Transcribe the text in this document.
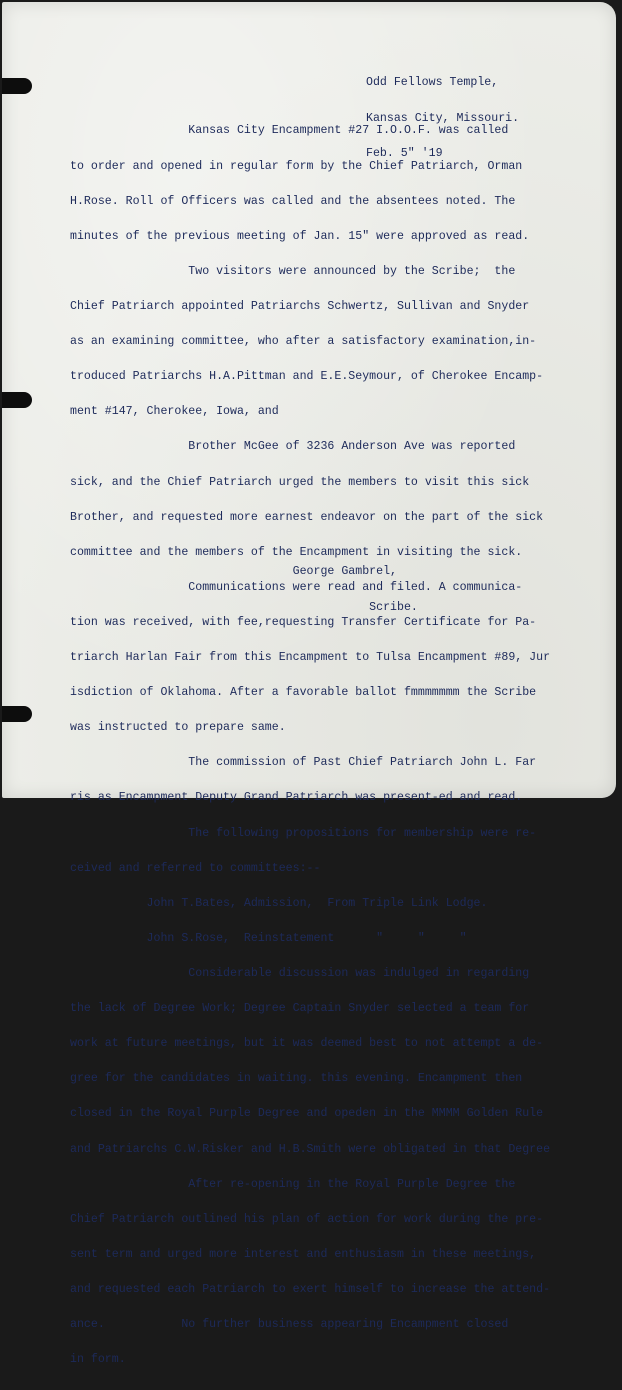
Odd Fellows Temple,

Kansas City, Missouri.

Feb. 5" '19

Kansas City Encampment #27 I.O.O.F. was called

to order and opened in regular form by the Chief Patriarch, Orman

H.Rose. Roll of Officers was called and the absentees noted. The

minutes of the previous meeting of Jan. 15" were approved as read.

Two visitors were announced by the Scribe;  the

Chief Patriarch appointed Patriarchs Schwertz, Sullivan and Snyder

as an examining committee, who after a satisfactory examination,in-

troduced Patriarchs H.A.Pittman and E.E.Seymour, of Cherokee Encamp-

ment #147, Cherokee, Iowa, and

Brother McGee of 3236 Anderson Ave was reported

sick, and the Chief Patriarch urged the members to visit this sick

Brother, and requested more earnest endeavor on the part of the sick

committee and the members of the Encampment in visiting the sick.

Communications were read and filed. A communica-

tion was received, with fee,requesting Transfer Certificate for Pa-

triarch Harlan Fair from this Encampment to Tulsa Encampment #89, Jur

isdiction of Oklahoma. After a favorable ballot fmmmmmmm the Scribe

was instructed to prepare same.

The commission of Past Chief Patriarch John L. Far

ris as Encampment Deputy Grand Patriarch was present-ed and read.

The following propositions for membership were re-

ceived and referred to committees:--

John T.Bates, Admission,  From Triple Link Lodge.

John S.Rose,  Reinstatement      "     "     "

Considerable discussion was indulged in regarding

the lack of Degree Work; Degree Captain Snyder selected a team for

work at future meetings, but it was deemed best to not attempt a de-

gree for the candidates in waiting. this evening. Encampment then

closed in the Royal Purple Degree and opeden in the MMMM Golden Rule

and Patriarchs C.W.Risker and H.B.Smith were obligated in that Degree

After re-opening in the Royal Purple Degree the

Chief Patriarch outlined his plan of action for work during the pre-

sent term and urged more interest and enthusiasm in these meetings,

and requested each Patriarch to exert himself to increase the attend-

ance.           No further business appearing Encampment closed

in form.

George Gambrel,

Scribe.
